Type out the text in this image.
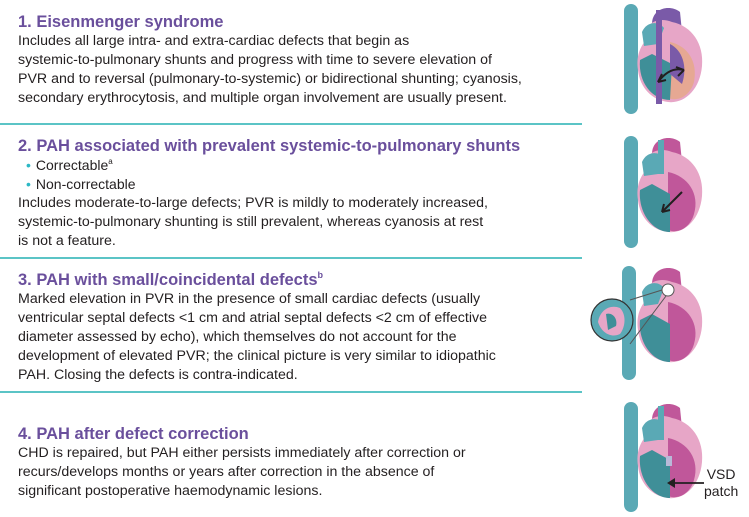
1. Eisenmenger syndrome

Includes all large intra- and extra-cardiac defects that begin as

systemic-to-pulmonary shunts and progress with time to severe elevation of

PVR and to reversal (pulmonary-to-systemic) or bidirectional shunting; cyanosis,

secondary erythrocytosis, and multiple organ involvement are usually present.

2. PAH associated with prevalent systemic-to-pulmonary shunts
• Correctable$^a$
• Non-correctable

Includes moderate-to-large defects; PVR is mildly to moderately increased,

systemic-to-pulmonary shunting is still prevalent, whereas cyanosis at rest

is not a feature.

3. PAH with small/coincidental defects$^b$

Marked elevation in PVR in the presence of small cardiac defects (usually

ventricular septal defects <1 cm and atrial septal defects <2 cm of effective

diameter assessed by echo), which themselves do not account for the

development of elevated PVR; the clinical picture is very similar to idiopathic

PAH. Closing the defects is contra-indicated.

4. PAH after defect correction

CHD is repaired, but PAH either persists immediately after correction or

recurs/develops months or years after correction in the absence of

significant postoperative haemodynamic lesions.

VSD
patch
